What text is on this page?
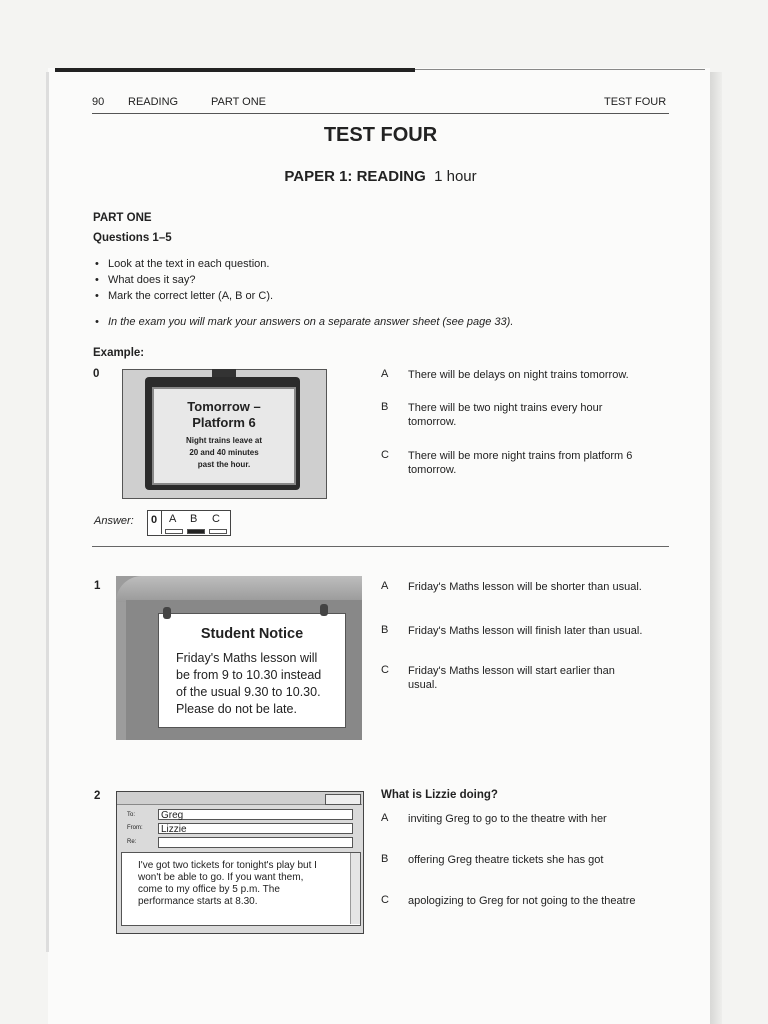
90 READING	PART ONE	TEST FOUR
TEST FOUR
PAPER 1: READING 1 hour
PART ONE
Questions 1–5
• Look at the text in each question.
• What does it say?
• Mark the correct letter (A, B or C).
• In the exam you will mark your answers on a separate answer sheet (see page 33).
Example:
0
Tomorrow –
Platform 6
Night trains leave at
20 and 40 minutes
past the hour.
A There will be delays on night trains tomorrow.
B There will be two night trains every hour
tomorrow.
C There will be more night trains from platform 6
tomorrow.
Answer: 0 A B C
1
Student Notice
Friday's Maths lesson will
be from 9 to 10.30 instead
of the usual 9.30 to 10.30.
Please do not be late.
A Friday's Maths lesson will be shorter than usual.
B Friday's Maths lesson will finish later than usual.
C Friday's Maths lesson will start earlier than
usual.
2
To:	Greg
From:	Lizzie
Re:
I've got two tickets for tonight's play but I
won't be able to go. If you want them,
come to my office by 5 p.m. The
performance starts at 8.30.
What is Lizzie doing?
A inviting Greg to go to the theatre with her
B offering Greg theatre tickets she has got
C apologizing to Greg for not going to the theatre
